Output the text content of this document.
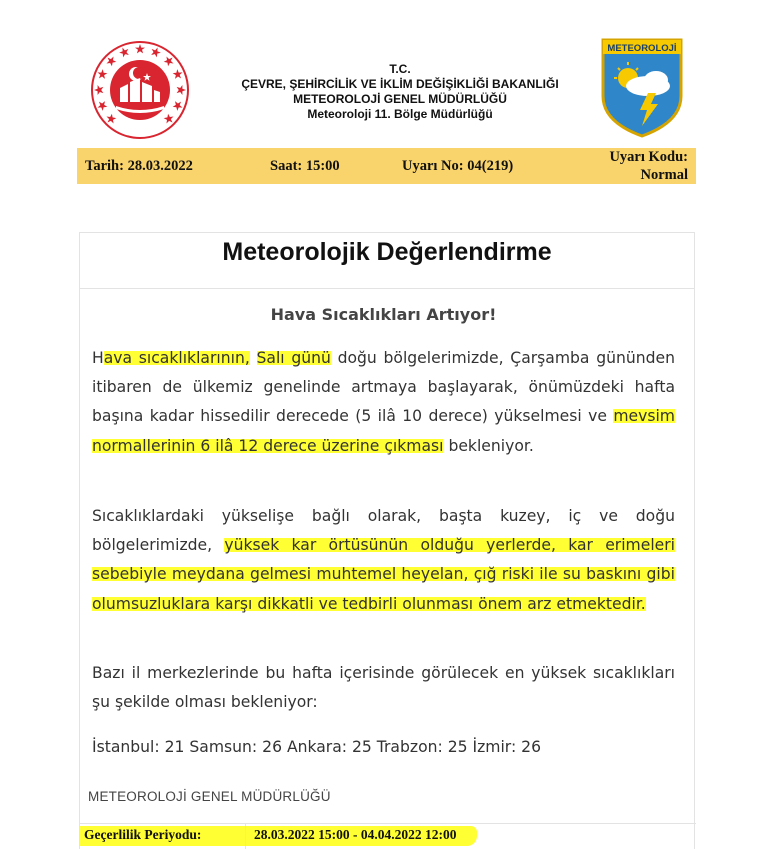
T.C.
ÇEVRE, ŞEHİRCİLİK VE İKLİM DEĞİŞİKLİĞİ BAKANLIĞI
METEOROLOJİ GENEL MÜDÜRLÜĞÜ
Meteoroloji 11. Bölge Müdürlüğü
METEOROLOJİ
Tarih: 28.03.2022	Saat: 15:00	Uyarı No: 04(219)
Uyarı Kodu:
Normal
Meteorolojik Değerlendirme
Hava Sıcaklıkları Artıyor!

Hava sıcaklıklarının, Salı günü doğu bölgelerimizde, Çarşamba gününden itibaren de ülkemiz genelinde artmaya başlayarak, önümüzdeki hafta başına kadar hissedilir derecede (5 ilâ 10 derece) yükselmesi ve mevsim normallerinin 6 ilâ 12 derece üzerine çıkması bekleniyor.

Sıcaklıklardaki yükselişe bağlı olarak, başta kuzey, iç ve doğu bölgelerimizde, yüksek kar örtüsünün olduğu yerlerde, kar erimeleri sebebiyle meydana gelmesi muhtemel heyelan, çığ riski ile su baskını gibi olumsuzluklara karşı dikkatli ve tedbirli olunması önem arz etmektedir.

Bazı il merkezlerinde bu hafta içerisinde görülecek en yüksek sıcaklıkları şu şekilde olması bekleniyor:

İstanbul: 21 Samsun: 26 Ankara: 25 Trabzon: 25 İzmir: 26

METEOROLOJİ GENEL MÜDÜRLÜĞÜ
Geçerlilik Periyodu:	28.03.2022 15:00 - 04.04.2022 12:00
